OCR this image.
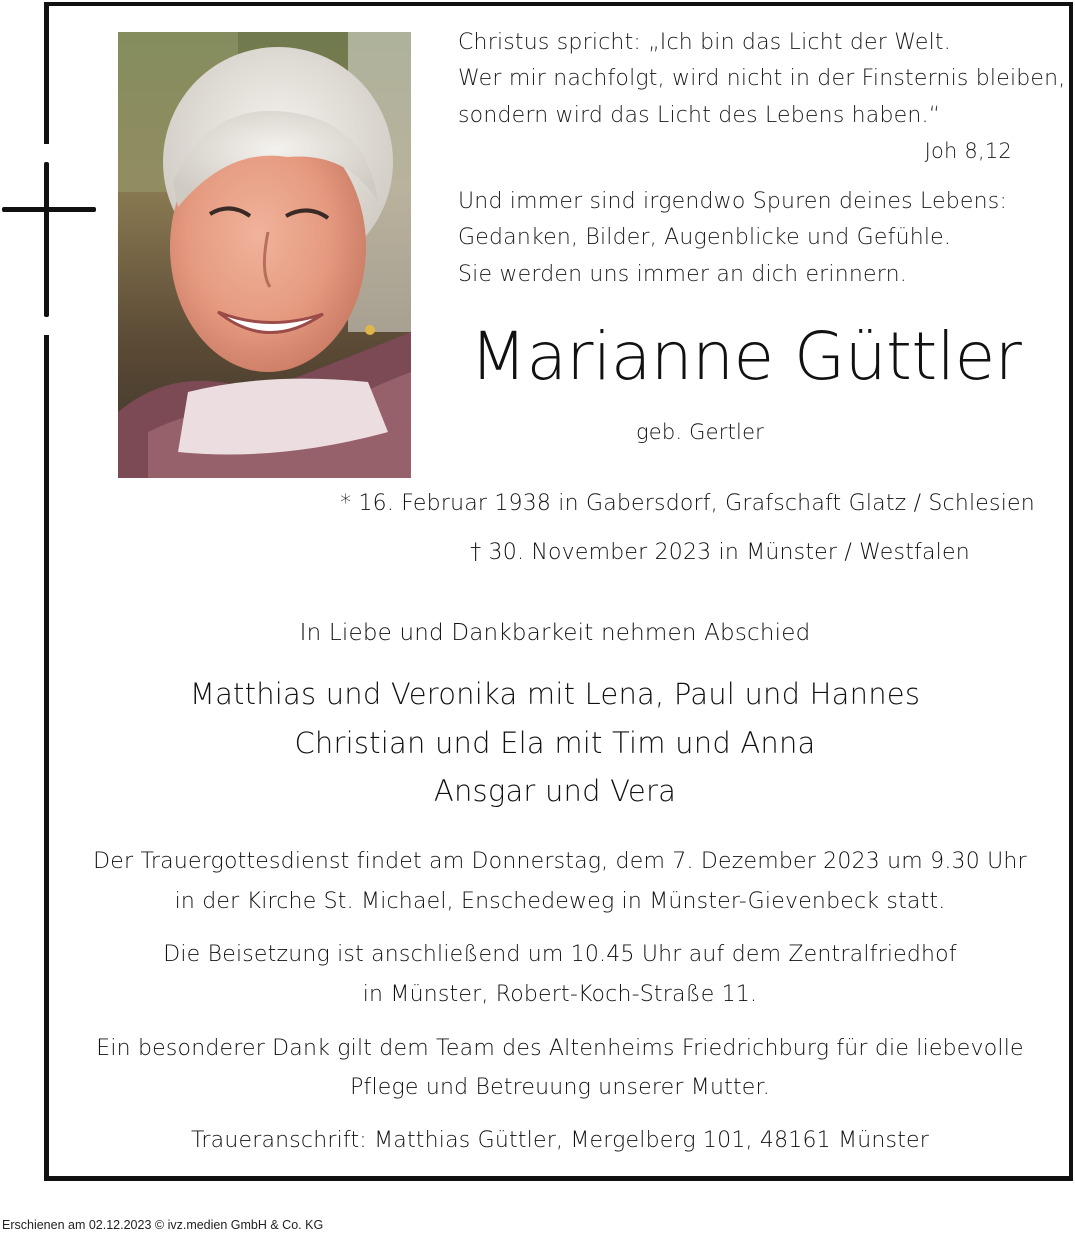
Christus spricht: „Ich bin das Licht der Welt.
Wer mir nachfolgt, wird nicht in der Finsternis bleiben,
sondern wird das Licht des Lebens haben.“
Joh 8,12
Und immer sind irgendwo Spuren deines Lebens:
Gedanken, Bilder, Augenblicke und Gefühle.
Sie werden uns immer an dich erinnern.
Marianne Güttler
geb. Gertler
* 16. Februar 1938 in Gabersdorf, Grafschaft Glatz / Schlesien
† 30. November 2023 in Münster / Westfalen
In Liebe und Dankbarkeit nehmen Abschied
Matthias und Veronika mit Lena, Paul und Hannes
Christian und Ela mit Tim und Anna
Ansgar und Vera
Der Trauergottesdienst findet am Donnerstag, dem 7. Dezember 2023 um 9.30 Uhr
in der Kirche St. Michael, Enschedeweg in Münster-Gievenbeck statt.
Die Beisetzung ist anschließend um 10.45 Uhr auf dem Zentralfriedhof
in Münster, Robert-Koch-Straße 11.
Ein besonderer Dank gilt dem Team des Altenheims Friedrichburg für die liebevolle
Pflege und Betreuung unserer Mutter.
Traueranschrift: Matthias Güttler, Mergelberg 101, 48161 Münster
Erschienen am 02.12.2023 © ivz.medien GmbH & Co. KG
